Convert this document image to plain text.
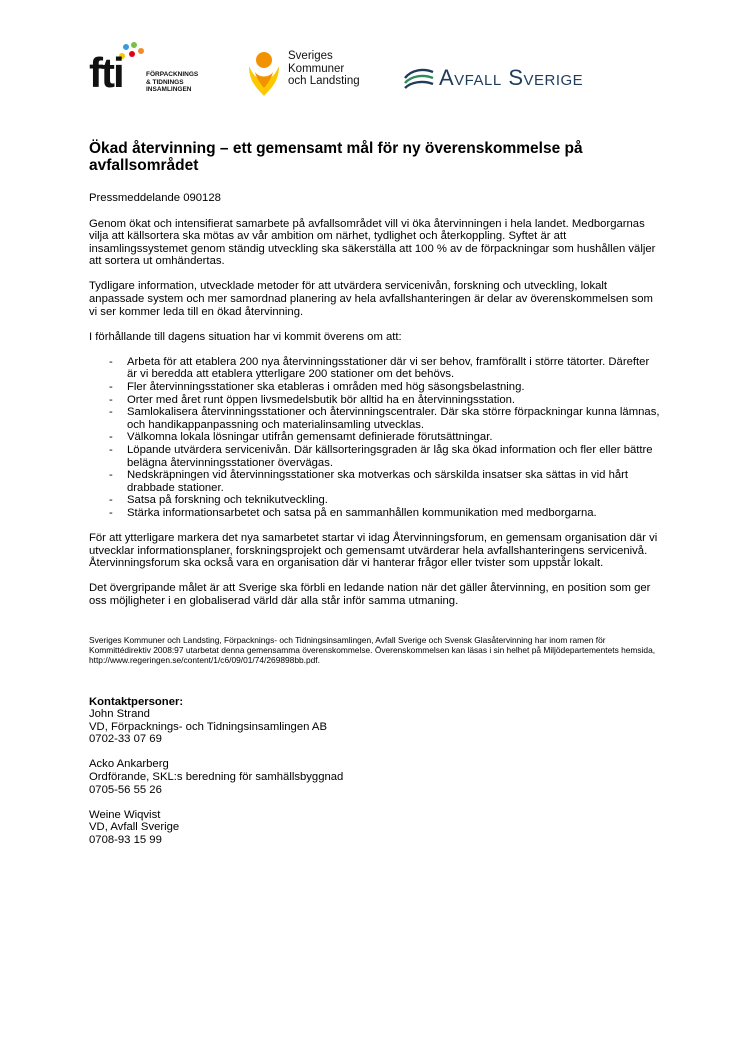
fti	FÖRPACKNINGS
& TIDNINGS
INSAMLINGEN
Sveriges
Kommuner
och Landsting	Avfall Sverige
Ökad återvinning – ett gemensamt mål för ny överenskommelse på avfallsområdet

Pressmeddelande 090128

Genom ökat och intensifierat samarbete på avfallsområdet vill vi öka återvinningen i hela landet. Medborgarnas vilja att källsortera ska mötas av vår ambition om närhet, tydlighet och återkoppling. Syftet är att insamlingssystemet genom ständig utveckling ska säkerställa att 100 % av de förpackningar som hushållen väljer att sortera ut omhändertas.

Tydligare information, utvecklade metoder för att utvärdera servicenivån, forskning och utveckling, lokalt anpassade system och mer samordnad planering av hela avfallshanteringen är delar av överenskommelsen som vi ser kommer leda till en ökad återvinning.

I förhållande till dagens situation har vi kommit överens om att:

- Arbeta för att etablera 200 nya återvinningsstationer där vi ser behov, framförallt i större tätorter. Därefter är vi beredda att etablera ytterligare 200 stationer om det behövs.
- Fler återvinningsstationer ska etableras i områden med hög säsongsbelastning.
- Orter med året runt öppen livsmedelsbutik bör alltid ha en återvinningsstation.
- Samlokalisera återvinningsstationer och återvinningscentraler. Där ska större förpackningar kunna lämnas, och handikappanpassning och materialinsamling utvecklas.
- Välkomna lokala lösningar utifrån gemensamt definierade förutsättningar.
- Löpande utvärdera servicenivån. Där källsorteringsgraden är låg ska ökad information och fler eller bättre belägna återvinningsstationer övervägas.
- Nedskräpningen vid återvinningsstationer ska motverkas och särskilda insatser ska sättas in vid hårt drabbade stationer.
- Satsa på forskning och teknikutveckling.
- Stärka informationsarbetet och satsa på en sammanhållen kommunikation med medborgarna.

För att ytterligare markera det nya samarbetet startar vi idag Återvinningsforum, en gemensam organisation där vi utvecklar informationsplaner, forskningsprojekt och gemensamt utvärderar hela avfallshanteringens servicenivå. Återvinningsforum ska också vara en organisation där vi hanterar frågor eller tvister som uppstår lokalt.

Det övergripande målet är att Sverige ska förbli en ledande nation när det gäller återvinning, en position som ger oss möjligheter i en globaliserad värld där alla står inför samma utmaning.

Sveriges Kommuner och Landsting, Förpacknings- och Tidningsinsamlingen, Avfall Sverige och Svensk Glasåtervinning har inom ramen för Kommittédirektiv 2008:97 utarbetat denna gemensamma överenskommelse. Överenskommelsen kan läsas i sin helhet på Miljödepartementets hemsida, http://www.regeringen.se/content/1/c6/09/01/74/269898bb.pdf.

Kontaktpersoner:
John Strand
VD, Förpacknings- och Tidningsinsamlingen AB
0702-33 07 69
Acko Ankarberg
Ordförande, SKL:s beredning för samhällsbyggnad
0705-56 55 26
Weine Wiqvist
VD, Avfall Sverige
0708-93 15 99
